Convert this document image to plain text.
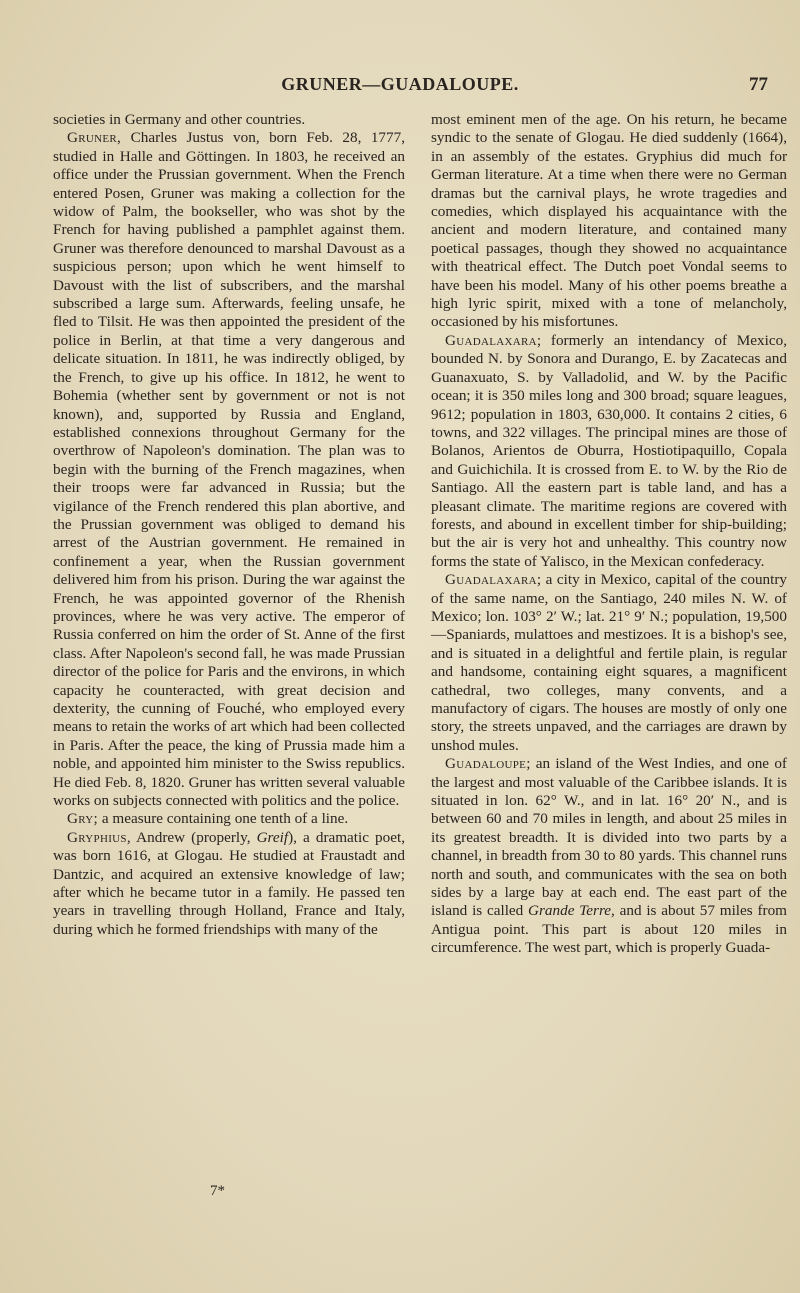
GRUNER—GUADALOUPE.	77

societies in Germany and other countries.

Gruner, Charles Justus von, born Feb. 28, 1777, studied in Halle and Göttingen. In 1803, he received an office under the Prussian government. When the French entered Posen, Gruner was making a collection for the widow of Palm, the bookseller, who was shot by the French for having published a pamphlet against them. Gruner was therefore denounced to marshal Davoust as a suspicious person; upon which he went himself to Davoust with the list of subscribers, and the marshal subscribed a large sum. Afterwards, feeling unsafe, he fled to Tilsit. He was then appointed the president of the police in Berlin, at that time a very dangerous and delicate situation. In 1811, he was indirectly obliged, by the French, to give up his office. In 1812, he went to Bohemia (whether sent by government or not is not known), and, supported by Russia and England, established connexions throughout Germany for the overthrow of Napoleon's domination. The plan was to begin with the burning of the French magazines, when their troops were far advanced in Russia; but the vigilance of the French rendered this plan abortive, and the Prussian government was obliged to demand his arrest of the Austrian government. He remained in confinement a year, when the Russian government delivered him from his prison. During the war against the French, he was appointed governor of the Rhenish provinces, where he was very active. The emperor of Russia conferred on him the order of St. Anne of the first class. After Napoleon's second fall, he was made Prussian director of the police for Paris and the environs, in which capacity he counteracted, with great decision and dexterity, the cunning of Fouché, who employed every means to retain the works of art which had been collected in Paris. After the peace, the king of Prussia made him a noble, and appointed him minister to the Swiss republics. He died Feb. 8, 1820. Gruner has written several valuable works on subjects connected with politics and the police.

Gry; a measure containing one tenth of a line.

Gryphius, Andrew (properly, Greif), a dramatic poet, was born 1616, at Glogau. He studied at Fraustadt and Dantzic, and acquired an extensive knowledge of law; after which he became tutor in a family. He passed ten years in travelling through Holland, France and Italy, during which he formed friendships with many of the

most eminent men of the age. On his return, he became syndic to the senate of Glogau. He died suddenly (1664), in an assembly of the estates. Gryphius did much for German literature. At a time when there were no German dramas but the carnival plays, he wrote tragedies and comedies, which displayed his acquaintance with the ancient and modern literature, and contained many poetical passages, though they showed no acquaintance with theatrical effect. The Dutch poet Vondal seems to have been his model. Many of his other poems breathe a high lyric spirit, mixed with a tone of melancholy, occasioned by his misfortunes.

Guadalaxara; formerly an intendancy of Mexico, bounded N. by Sonora and Durango, E. by Zacatecas and Guanaxuato, S. by Valladolid, and W. by the Pacific ocean; it is 350 miles long and 300 broad; square leagues, 9612; population in 1803, 630,000. It contains 2 cities, 6 towns, and 322 villages. The principal mines are those of Bolanos, Arientos de Oburra, Hostiotipaquillo, Copala and Guichichila. It is crossed from E. to W. by the Rio de Santiago. All the eastern part is table land, and has a pleasant climate. The maritime regions are covered with forests, and abound in excellent timber for ship-building; but the air is very hot and unhealthy. This country now forms the state of Yalisco, in the Mexican confederacy.

Guadalaxara; a city in Mexico, capital of the country of the same name, on the Santiago, 240 miles N. W. of Mexico; lon. 103° 2′ W.; lat. 21° 9′ N.; population, 19,500—Spaniards, mulattoes and mestizoes. It is a bishop's see, and is situated in a delightful and fertile plain, is regular and handsome, containing eight squares, a magnificent cathedral, two colleges, many convents, and a manufactory of cigars. The houses are mostly of only one story, the streets unpaved, and the carriages are drawn by unshod mules.

Guadaloupe; an island of the West Indies, and one of the largest and most valuable of the Caribbee islands. It is situated in lon. 62° W., and in lat. 16° 20′ N., and is between 60 and 70 miles in length, and about 25 miles in its greatest breadth. It is divided into two parts by a channel, in breadth from 30 to 80 yards. This channel runs north and south, and communicates with the sea on both sides by a large bay at each end. The east part of the island is called Grande Terre, and is about 57 miles from Antigua point. This part is about 120 miles in circumference. The west part, which is properly Guada-

7*
